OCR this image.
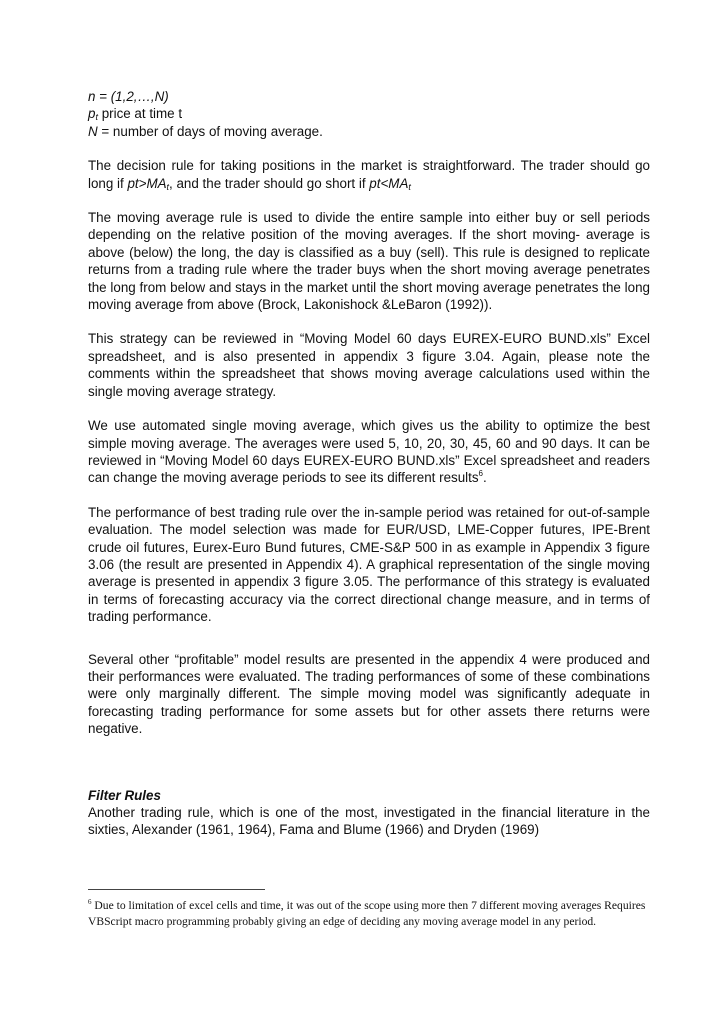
n = (1,2,…,N)

$p_t$ price at time t

N = number of days of moving average.

The decision rule for taking positions in the market is straightforward. The trader should go long if $pt>MA_t$, and the trader should go short if $pt<MA_t$

The moving average rule is used to divide the entire sample into either buy or sell periods depending on the relative position of the moving averages. If the short moving- average is above (below) the long, the day is classified as a buy (sell). This rule is designed to replicate returns from a trading rule where the trader buys when the short moving average penetrates the long from below and stays in the market until the short moving average penetrates the long moving average from above (Brock, Lakonishock &LeBaron (1992)).

This strategy can be reviewed in “Moving Model 60 days EUREX-EURO BUND.xls” Excel spreadsheet, and is also presented in appendix 3 figure 3.04. Again, please note the comments within the spreadsheet that shows moving average calculations used within the single moving average strategy.

We use automated single moving average, which gives us the ability to optimize the best simple moving average. The averages were used 5, 10, 20, 30, 45, 60 and 90 days. It can be reviewed in “Moving Model 60 days EUREX-EURO BUND.xls” Excel spreadsheet and readers can change the moving average periods to see its different results$^6$.

The performance of best trading rule over the in-sample period was retained for out-of-sample evaluation. The model selection was made for EUR/USD, LME-Copper futures, IPE-Brent crude oil futures, Eurex-Euro Bund futures, CME-S&P 500 in as example in Appendix 3 figure 3.06 (the result are presented in Appendix 4). A graphical representation of the single moving average is presented in appendix 3 figure 3.05. The performance of this strategy is evaluated in terms of forecasting accuracy via the correct directional change measure, and in terms of trading performance.

Several other “profitable” model results are presented in the appendix 4 were produced and their performances were evaluated. The trading performances of some of these combinations were only marginally different. The simple moving model was significantly adequate in forecasting trading performance for some assets but for other assets there returns were negative.

Filter Rules

Another trading rule, which is one of the most, investigated in the financial literature in the sixties, Alexander (1961, 1964), Fama and Blume (1966) and Dryden (1969)

$^6$ Due to limitation of excel cells and time, it was out of the scope using more then 7 different moving averages Requires VBScript macro programming probably giving an edge of deciding any moving average model in any period.
